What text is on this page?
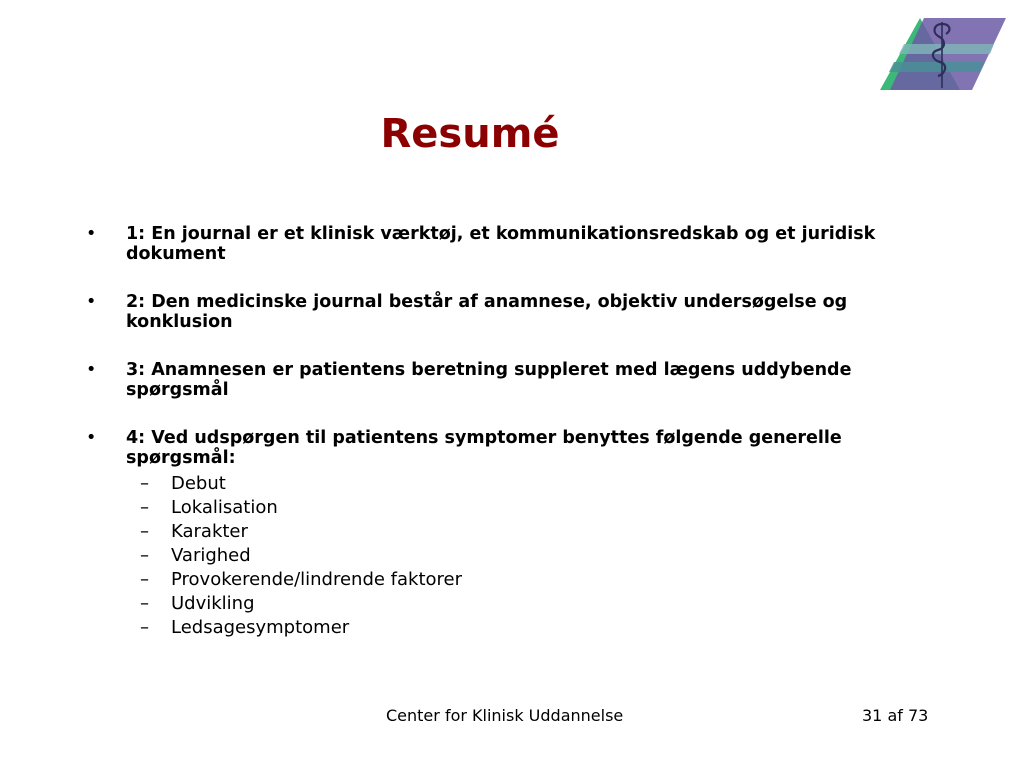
Resumé
• 1: En journal er et klinisk værktøj, et kommunikationsredskab og et juridisk dokument
• 2: Den medicinske journal består af anamnese, objektiv undersøgelse og konklusion
• 3: Anamnesen er patientens beretning suppleret med lægens uddybende spørgsmål
• 4: Ved udspørgen til patientens symptomer benyttes følgende generelle spørgsmål:
– Debut
– Lokalisation
– Karakter
– Varighed
– Provokerende/lindrende faktorer
– Udvikling
– Ledsagesymptomer
Center for Klinisk Uddannelse	31 af 73
